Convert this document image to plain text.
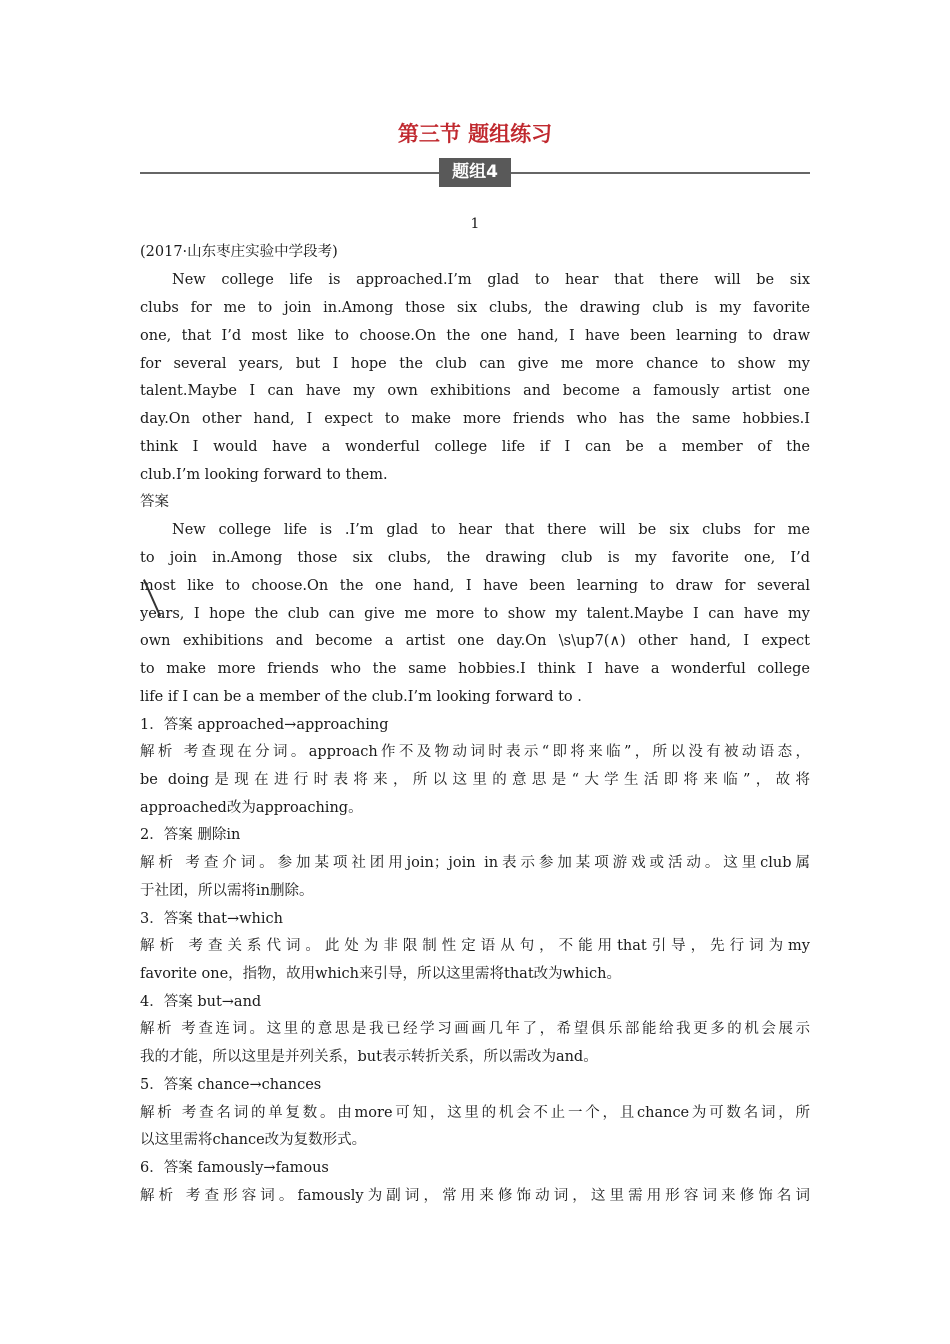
第三节 题组练习
题组4
1
(2017·山东枣庄实验中学段考)
New college life is approached.I’m glad to hear that there will be six
clubs for me to join in.Among those six clubs, the drawing club is my favorite
one, that I’d most like to choose.On the one hand, I have been learning to draw
for several years, but I hope the club can give me more chance to show my
talent.Maybe I can have my own exhibitions and become a famously artist one
day.On other hand, I expect to make more friends who has the same hobbies.I
think I would have a wonderful college life if I can be a member of the
club.I’m looking forward to them.
答案
New college life is .I’m glad to hear that there will be six clubs for me
to join in.Among those six clubs, the drawing club is my favorite one, I’d
most like to choose.On the one hand, I have been learning to draw for several
years, I hope the club can give me more to show my talent.Maybe I can have my
own exhibitions and become a artist one day.On \s\up7(∧) other hand, I expect
to make more friends who the same hobbies.I think I have a wonderful college
life if I can be a member of the club.I’m looking forward to .
1．答案 approached→approaching
解析 考查现在分词。approach作不及物动词时表示“即将来临”，所以没有被动语态，
be doing是现在进行时表将来，所以这里的意思是“大学生活即将来临”，故将
approached改为approaching。
2．答案 删除in
解析 考查介词。参加某项社团用join；join in表示参加某项游戏或活动。这里club属
于社团，所以需将in删除。
3．答案 that→which
解析 考查关系代词。此处为非限制性定语从句，不能用that引导，先行词为my
favorite one，指物，故用which来引导，所以这里需将that改为which。
4．答案 but→and
解析 考查连词。这里的意思是我已经学习画画几年了，希望俱乐部能给我更多的机会展示
我的才能，所以这里是并列关系，but表示转折关系，所以需改为and。
5．答案 chance→chances
解析 考查名词的单复数。由more可知，这里的机会不止一个，且chance为可数名词，所
以这里需将chance改为复数形式。
6．答案 famously→famous
解析 考查形容词。famously为副词，常用来修饰动词，这里需用形容词来修饰名词
